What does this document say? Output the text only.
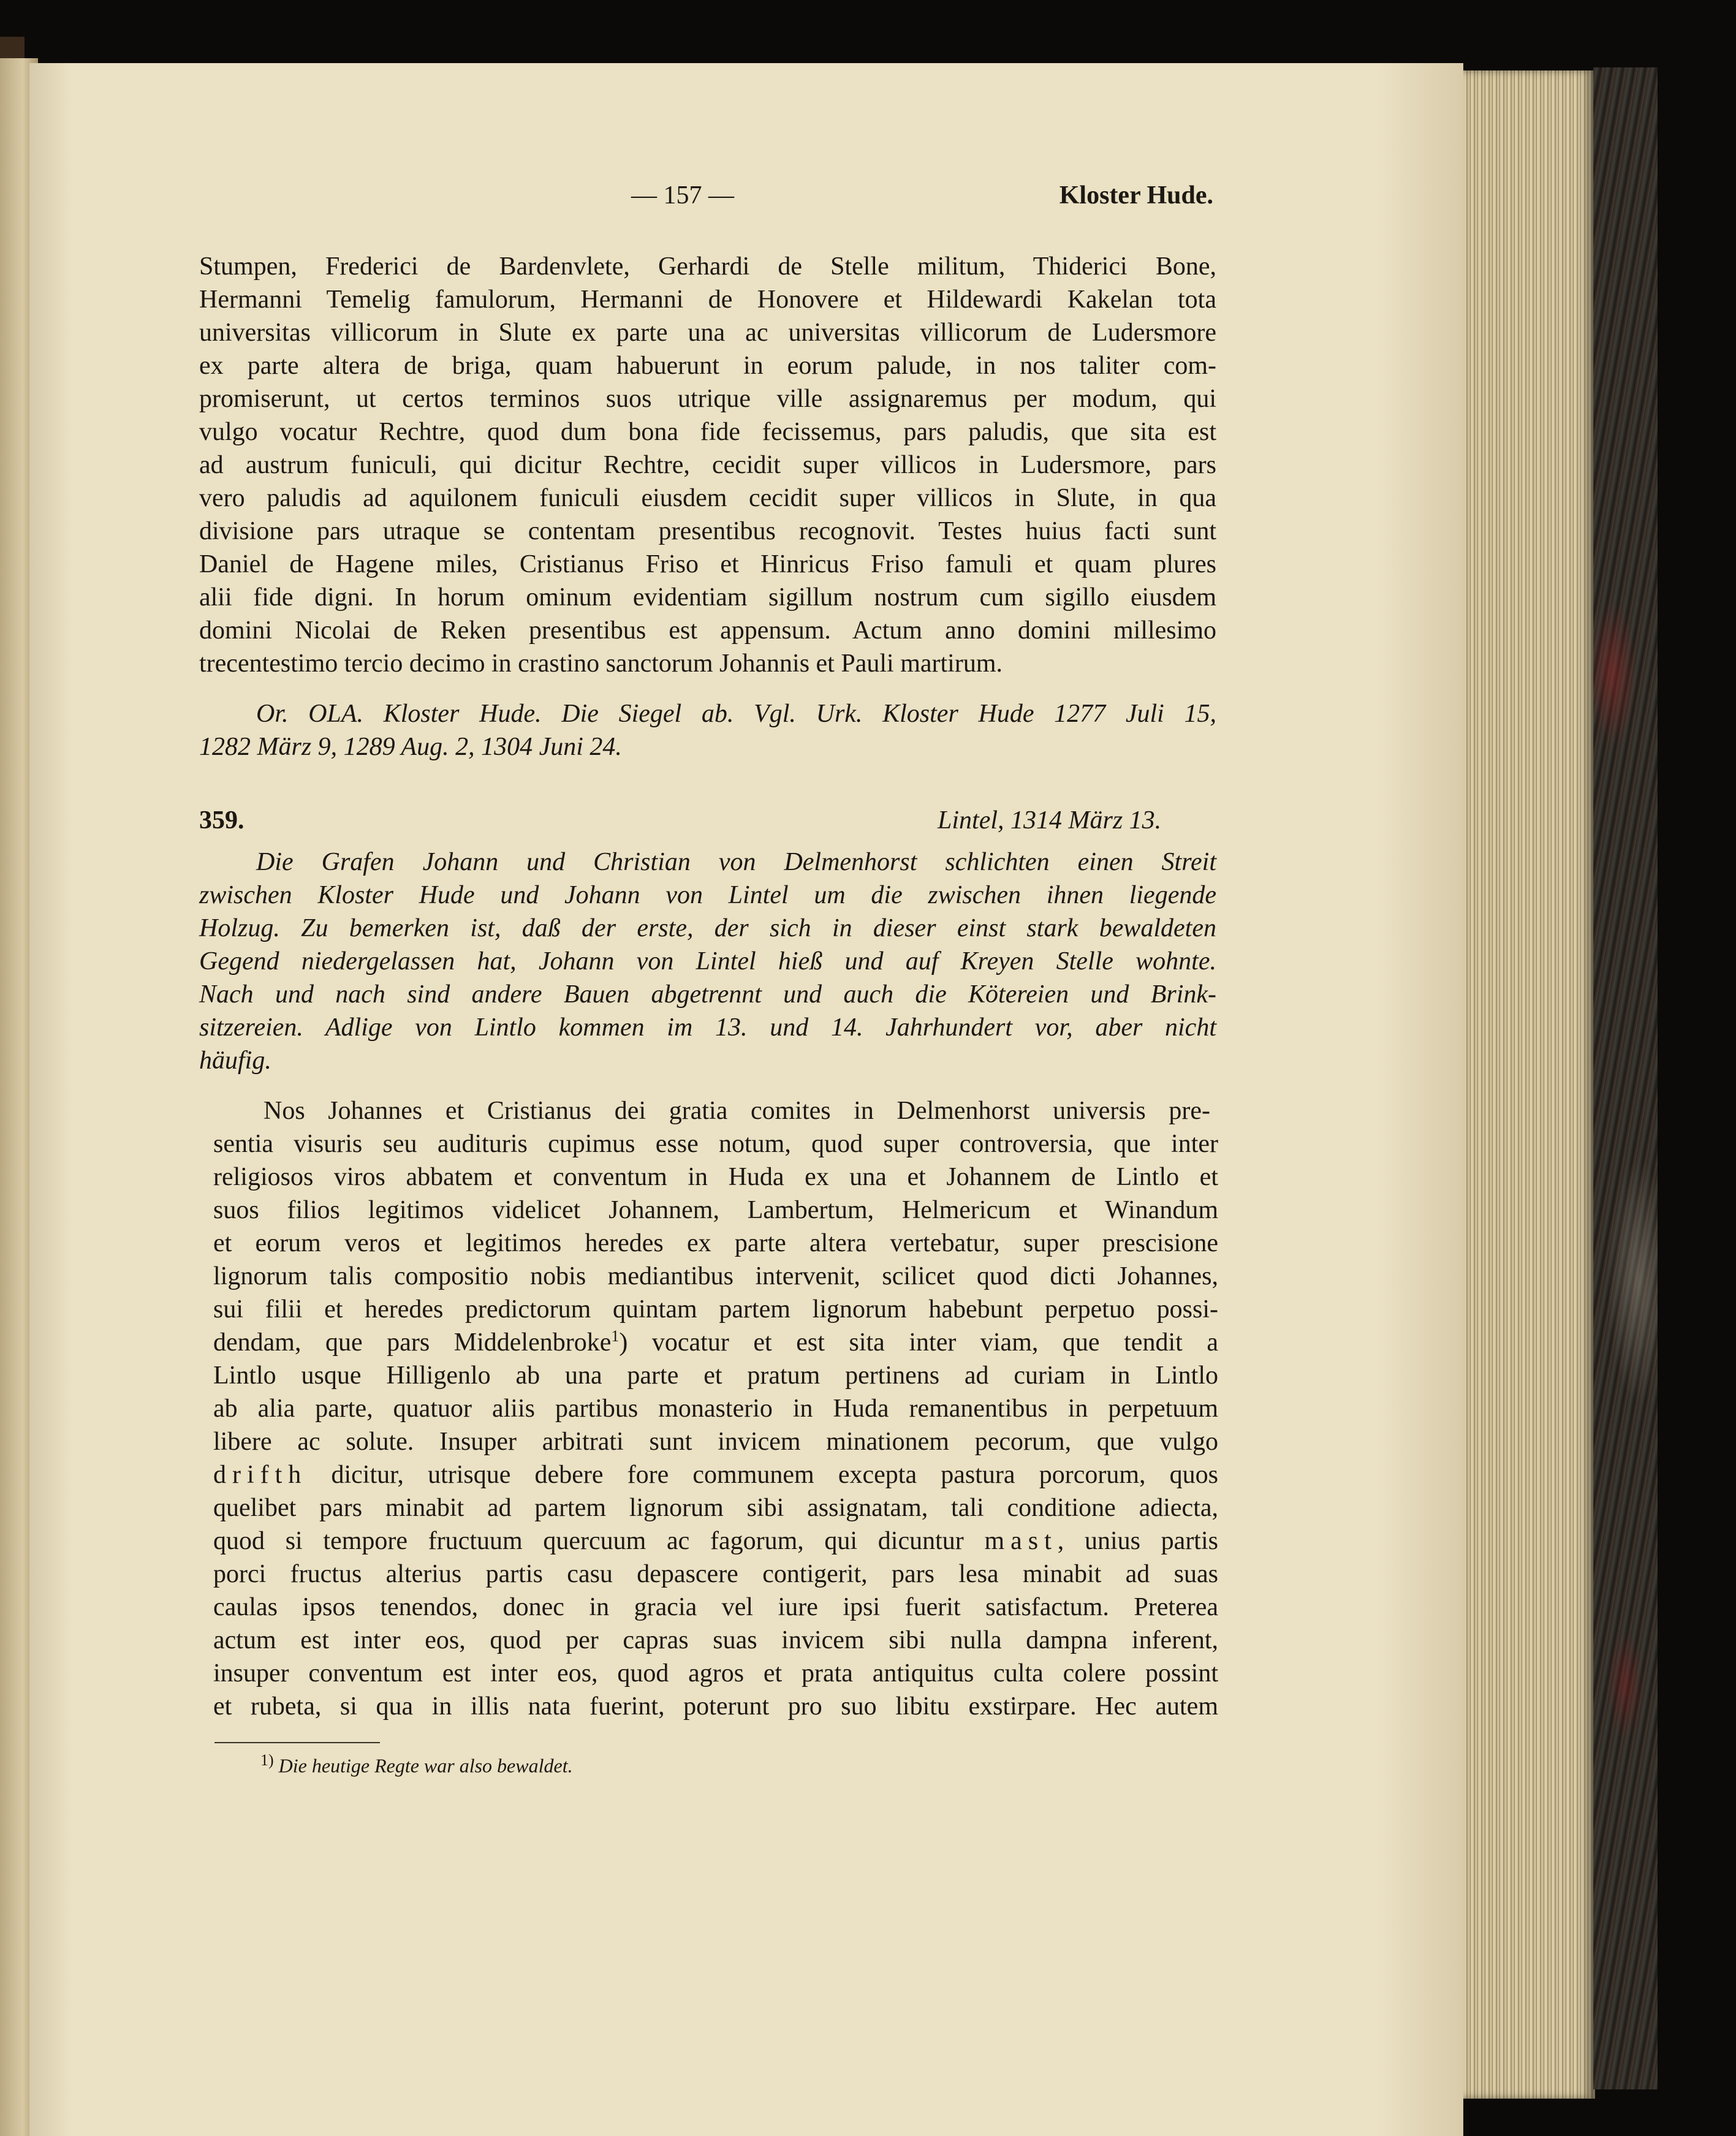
— 157 —	Kloster Hude.
Stumpen, Frederici de Bardenvlete, Gerhardi de Stelle militum, Thiderici Bone,
Hermanni Temelig famulorum, Hermanni de Honovere et Hildewardi Kakelan tota
universitas villicorum in Slute ex parte una ac universitas villicorum de Ludersmore
ex parte altera de briga, quam habuerunt in eorum palude, in nos taliter com-
promiserunt, ut certos terminos suos utrique ville assignaremus per modum, qui
vulgo vocatur Rechtre, quod dum bona fide fecissemus, pars paludis, que sita est
ad austrum funiculi, qui dicitur Rechtre, cecidit super villicos in Ludersmore, pars
vero paludis ad aquilonem funiculi eiusdem cecidit super villicos in Slute, in qua
divisione pars utraque se contentam presentibus recognovit. Testes huius facti sunt
Daniel de Hagene miles, Cristianus Friso et Hinricus Friso famuli et quam plures
alii fide digni. In horum ominum evidentiam sigillum nostrum cum sigillo eiusdem
domini Nicolai de Reken presentibus est appensum. Actum anno domini millesimo
trecentestimo tercio decimo in crastino sanctorum Johannis et Pauli martirum.
Or. OLA. Kloster Hude. Die Siegel ab. Vgl. Urk. Kloster Hude 1277 Juli 15,
1282 März 9, 1289 Aug. 2, 1304 Juni 24.
359.	Lintel, 1314 März 13.
Die Grafen Johann und Christian von Delmenhorst schlichten einen Streit
zwischen Kloster Hude und Johann von Lintel um die zwischen ihnen liegende
Holzug. Zu bemerken ist, daß der erste, der sich in dieser einst stark bewaldeten
Gegend niedergelassen hat, Johann von Lintel hieß und auf Kreyen Stelle wohnte.
Nach und nach sind andere Bauen abgetrennt und auch die Kötereien und Brink-
sitzereien. Adlige von Lintlo kommen im 13. und 14. Jahrhundert vor, aber nicht
häufig.
Nos Johannes et Cristianus dei gratia comites in Delmenhorst universis pre-
sentia visuris seu audituris cupimus esse notum, quod super controversia, que inter
religiosos viros abbatem et conventum in Huda ex una et Johannem de Lintlo et
suos filios legitimos videlicet Johannem, Lambertum, Helmericum et Winandum
et eorum veros et legitimos heredes ex parte altera vertebatur, super prescisione
lignorum talis compositio nobis mediantibus intervenit, scilicet quod dicti Johannes,
sui filii et heredes predictorum quintam partem lignorum habebunt perpetuo possi-
dendam, que pars Middelenbroke$^1$) vocatur et est sita inter viam, que tendit a
Lintlo usque Hilligenlo ab una parte et pratum pertinens ad curiam in Lintlo
ab alia parte, quatuor aliis partibus monasterio in Huda remanentibus in perpetuum
libere ac solute. Insuper arbitrati sunt invicem minationem pecorum, que vulgo
drifth dicitur, utrisque debere fore communem excepta pastura porcorum, quos
quelibet pars minabit ad partem lignorum sibi assignatam, tali conditione adiecta,
quod si tempore fructuum quercuum ac fagorum, qui dicuntur mast, unius partis
porci fructus alterius partis casu depascere contigerit, pars lesa minabit ad suas
caulas ipsos tenendos, donec in gracia vel iure ipsi fuerit satisfactum. Preterea
actum est inter eos, quod per capras suas invicem sibi nulla dampna inferent,
insuper conventum est inter eos, quod agros et prata antiquitus culta colere possint
et rubeta, si qua in illis nata fuerint, poterunt pro suo libitu exstirpare. Hec autem
$^{1)}$ Die heutige Regte war also bewaldet.
